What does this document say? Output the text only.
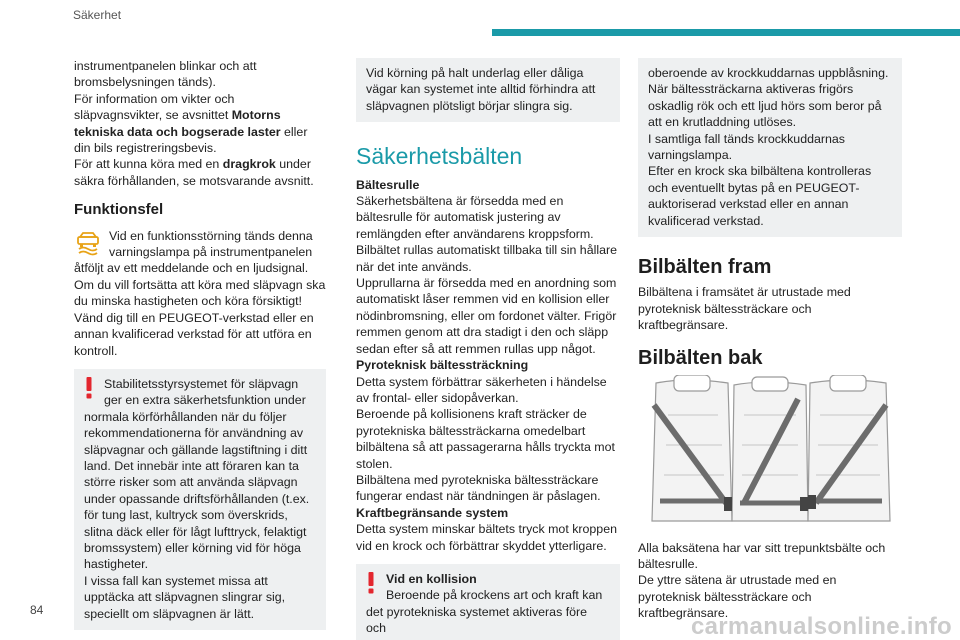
Säkerhet

instrumentpanelen blinkar och att
bromsbelysningen tänds).

För information om vikter och släpvagnsvikter, se avsnittet Motorns tekniska data och bogserade laster eller din bils registreringsbevis.

För att kunna köra med en dragkrok under säkra förhållanden, se motsvarande avsnitt.

Funktionsfel

Vid en funktionsstörning tänds denna varningslampa på instrumentpanelen

åtföljt av ett meddelande och en ljudsignal.

Om du vill fortsätta att köra med släpvagn ska du minska hastigheten och köra försiktigt!

Vänd dig till en PEUGEOT-verkstad eller en annan kvalificerad verkstad för att utföra en kontroll.

Stabilitetsstyrsystemet för släpvagn ger en extra säkerhetsfunktion under

normala körförhållanden när du följer rekommendationerna för användning av släpvagnar och gällande lagstiftning i ditt land. Det innebär inte att föraren kan ta större risker som att använda släpvagn under opassande driftsförhållanden (t.ex. för tung last, kultryck som överskrids, slitna däck eller för lågt lufttryck, felaktigt bromssystem) eller körning vid för höga hastigheter.

I vissa fall kan systemet missa att upptäcka att släpvagnen slingrar sig, speciellt om släpvagnen är lätt.

Vid körning på halt underlag eller dåliga vägar kan systemet inte alltid förhindra att släpvagnen plötsligt börjar slingra sig.

Säkerhetsbälten

Bältesrulle

Säkerhetsbältena är försedda med en bältesrulle för automatisk justering av remlängden efter användarens kroppsform. Bilbältet rullas automatiskt tillbaka till sin hållare när det inte används.

Upprullarna är försedda med en anordning som automatiskt låser remmen vid en kollision eller nödinbromsning, eller om fordonet välter. Frigör remmen genom att dra stadigt i den och släpp sedan efter så att remmen rullas upp något.

Pyroteknisk bältessträckning

Detta system förbättrar säkerheten i händelse av frontal- eller sidopåverkan.

Beroende på kollisionens kraft sträcker de pyrotekniska bältessträckarna omedelbart bilbältena så att passagerarna hålls tryckta mot stolen.

Bilbältena med pyrotekniska bältessträckare fungerar endast när tändningen är påslagen.

Kraftbegränsande system

Detta system minskar bältets tryck mot kroppen vid en krock och förbättrar skyddet ytterligare.

Vid en kollision

Beroende på krockens art och kraft kan

det pyrotekniska systemet aktiveras före och

oberoende av krockkuddarnas uppblåsning. När bältessträckarna aktiveras frigörs oskadlig rök och ett ljud hörs som beror på att en krutladdning utlöses.

I samtliga fall tänds krockkuddarnas varningslampa.

Efter en krock ska bilbältena kontrolleras och eventuellt bytas på en PEUGEOT-auktoriserad verkstad eller en annan kvalificerad verkstad.

Bilbälten fram

Bilbältena i framsätet är utrustade med pyroteknisk bältessträckare och kraftbegränsare.

Bilbälten bak

Alla baksätena har var sitt trepunktsbälte och bältesrulle.

De yttre sätena är utrustade med en pyroteknisk bältessträckare och kraftbegränsare.

84
carmanualsonline.info
